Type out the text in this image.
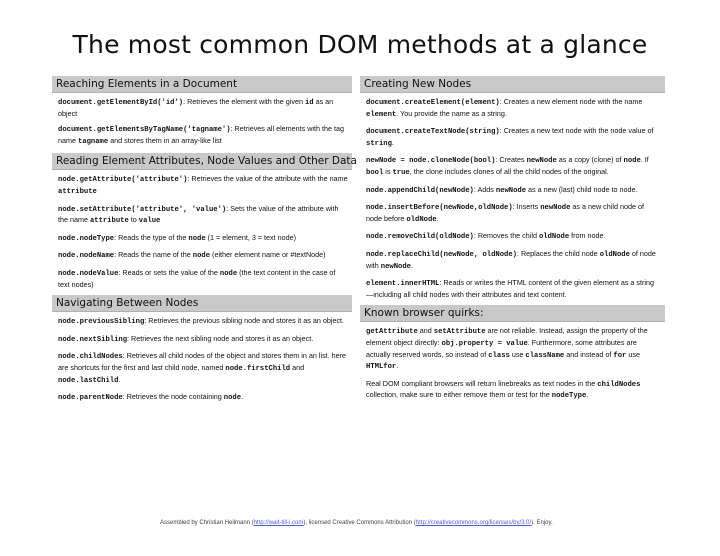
The most common DOM methods at a glance
Reaching Elements in a Document
document.getElementById('id'): Retrieves the element with the given id as an object
document.getElementsByTagName('tagname'): Retrieves all elements with the tag name tagname and stores them in an array-like list
Reading Element Attributes, Node Values and Other Data
node.getAttribute('attribute'): Retrieves the value of the attribute with the name attribute
node.setAttribute('attribute', 'value'): Sets the value of the attribute with the name attribute to value
node.nodeType: Reads the type of the node (1 = element, 3 = text node)
node.nodeName: Reads the name of the node (either element name or #textNode)
node.nodeValue: Reads or sets the value of the node (the text content in the case of text nodes)
Navigating Between Nodes
node.previousSibling: Retrieves the previous sibling node and stores it as an object.
node.nextSibling: Retrieves the next sibling node and stores it as an object.
node.childNodes: Retrieves all child nodes of the object and stores them in an list. here are shortcuts for the first and last child node, named node.firstChild and node.lastChild.
node.parentNode: Retrieves the node containing node.
Creating New Nodes
document.createElement(element): Creates a new element node with the name element. You provide the name as a string.
document.createTextNode(string): Creates a new text node with the node value of string.
newNode = node.cloneNode(bool): Creates newNode as a copy (clone) of node. If bool is true, the clone includes clones of all the child nodes of the original.
node.appendChild(newNode): Adds newNode as a new (last) child node to node.
node.insertBefore(newNode,oldNode): Inserts newNode as a new child node of node before oldNode.
node.removeChild(oldNode): Removes the child oldNode from node.
node.replaceChild(newNode, oldNode): Replaces the child node oldNode of node with newNode.
element.innerHTML: Reads or writes the HTML content of the given element as a string—including all child nodes with their attributes and text content.
Known browser quirks:
getAttribute and setAttribute are not reliable. Instead, assign the property of the element object directly: obj.property = value. Furthermore, some attributes are actually reserved words, so instead of class use className and instead of for use HTMLfor.
Real DOM compliant browsers will return linebreaks as text nodes in the childNodes collection, make sure to either remove them or test for the nodeType.
Assembled by Christian Heilmann (http://wait-till-i.com), licensed Creative Commons Attribution (http://creativecommons.org/licenses/by/3.0/). Enjoy.
